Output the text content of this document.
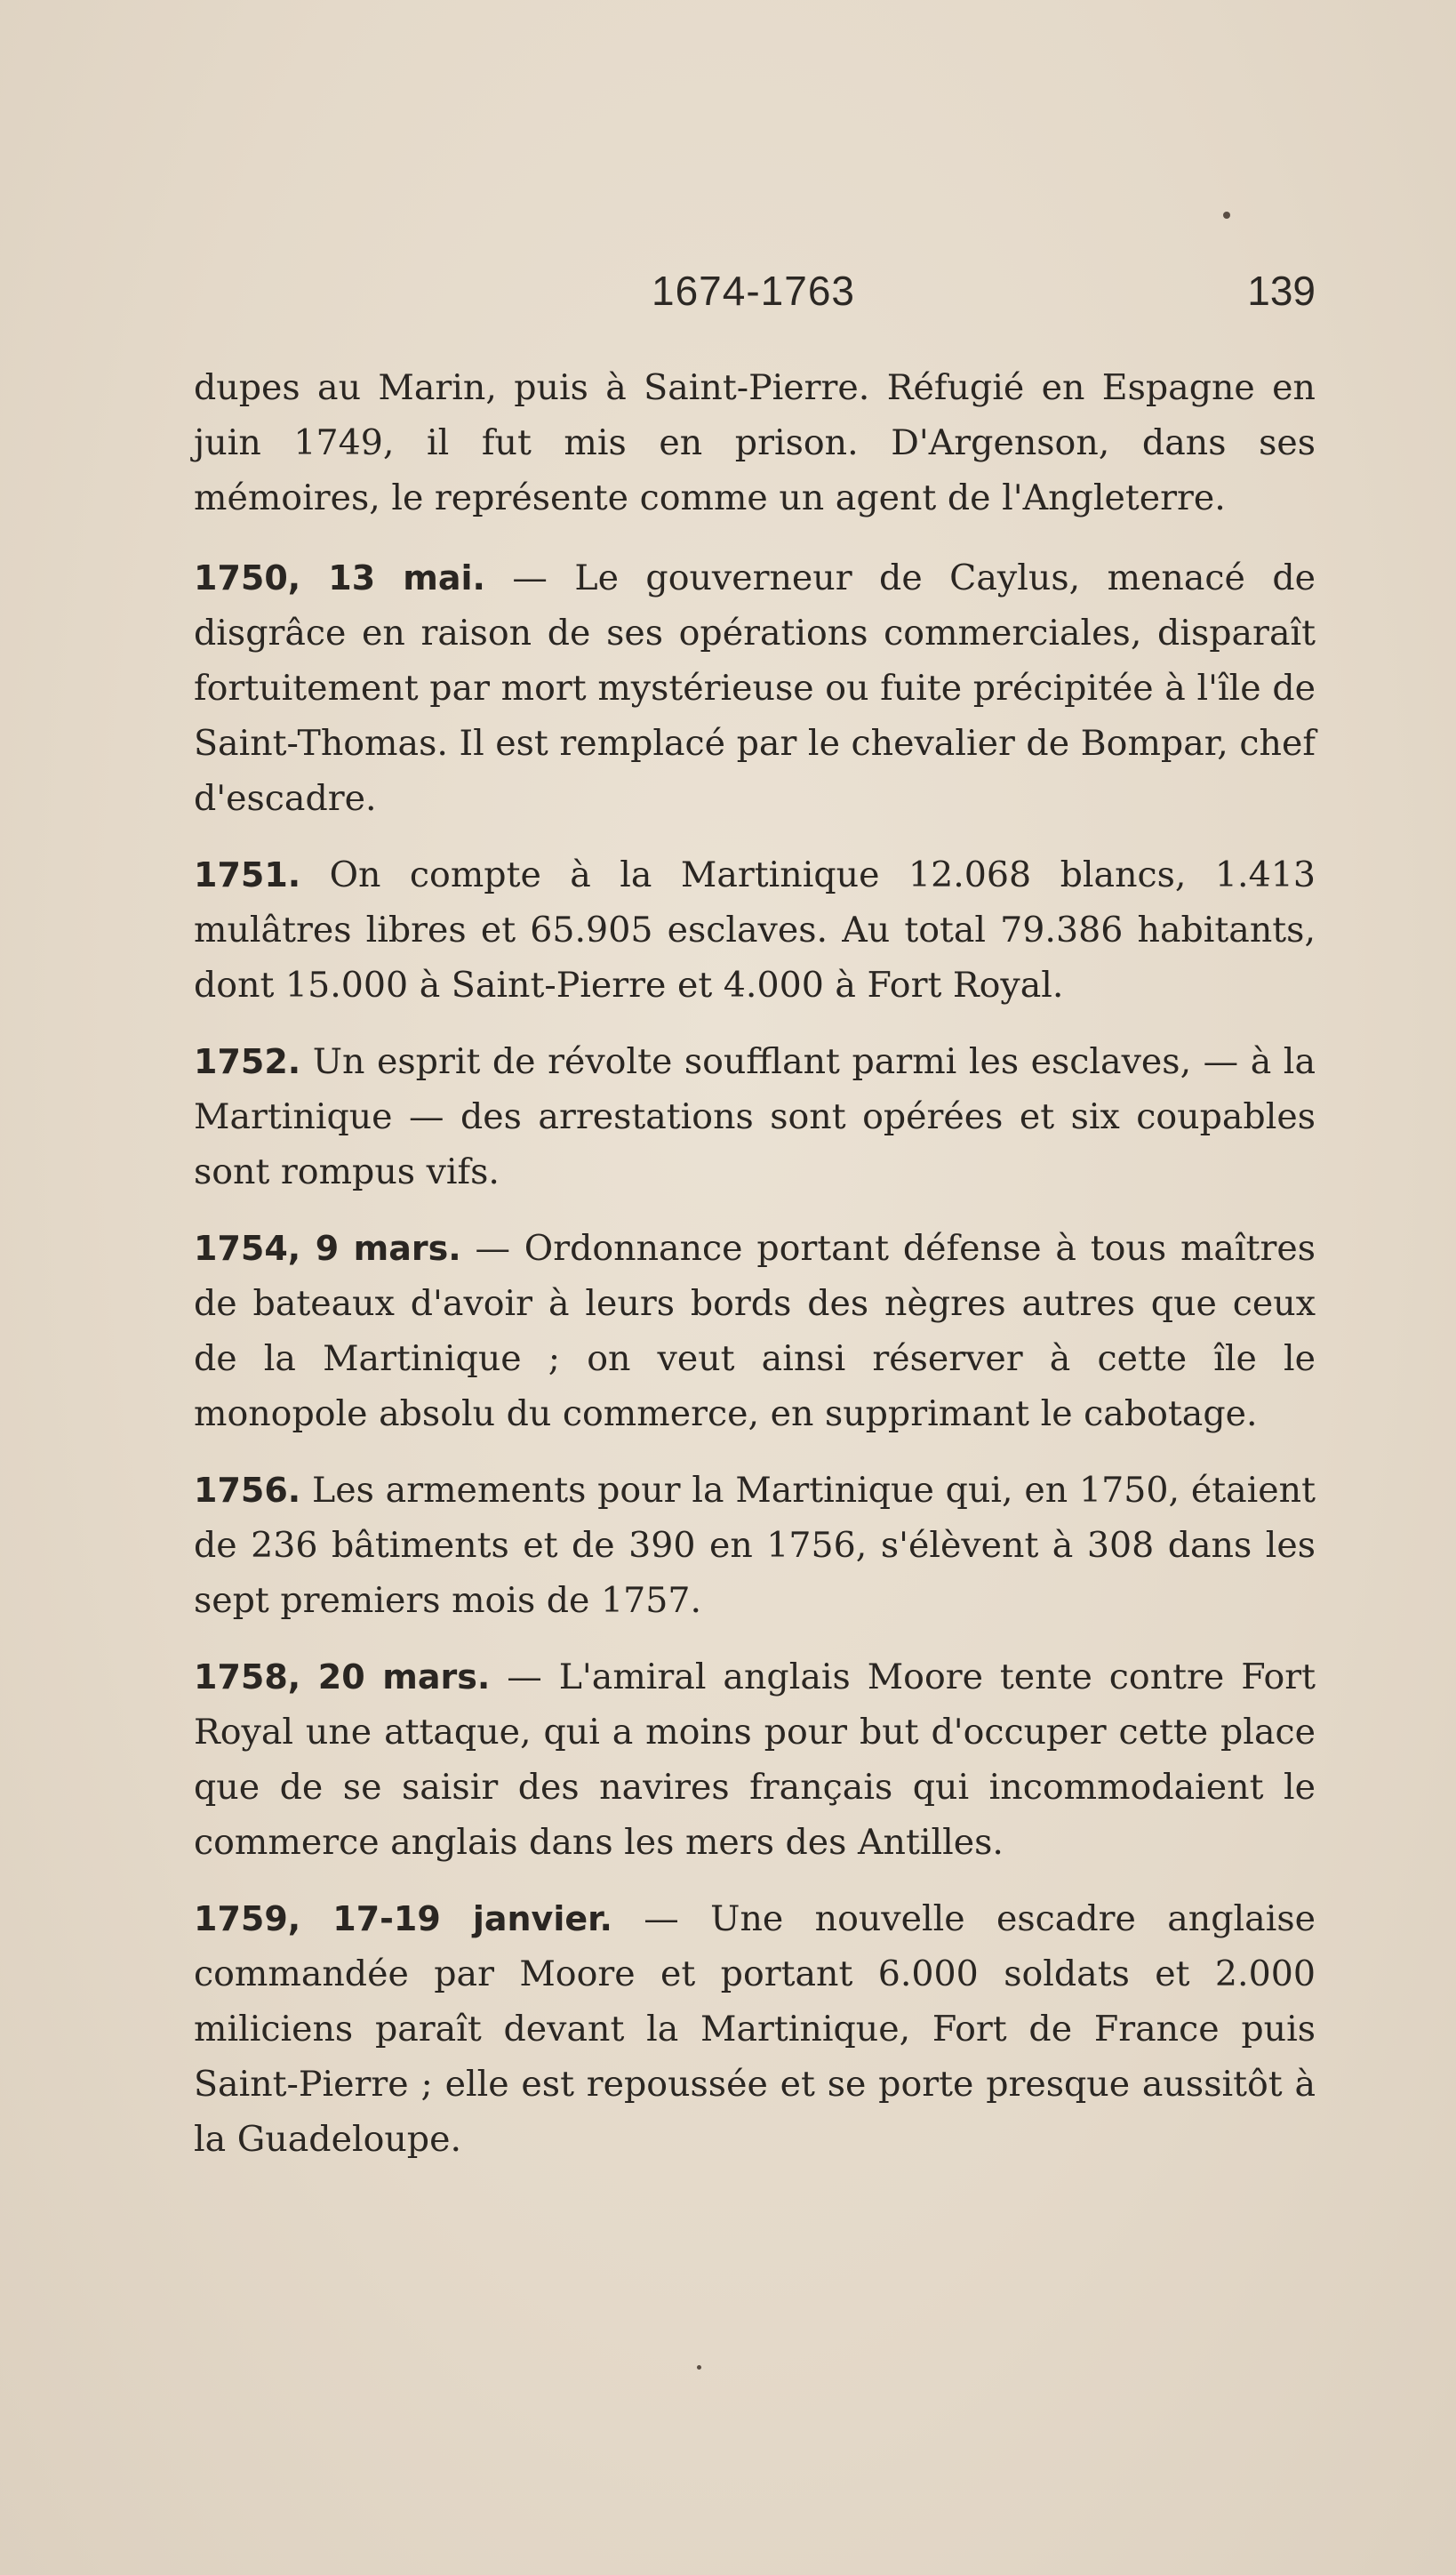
1674-1763	139

dupes au Marin, puis à Saint-Pierre. Réfugié en Espagne en juin 1749, il fut mis en prison. D'Argenson, dans ses mémoires, le représente comme un agent de l'Angleterre.

1750, 13 mai. — Le gouverneur de Caylus, menacé de disgrâce en raison de ses opérations commerciales, disparaît fortuitement par mort mystérieuse ou fuite précipitée à l'île de Saint-Thomas. Il est remplacé par le chevalier de Bompar, chef d'escadre.

1751. On compte à la Martinique 12.068 blancs, 1.413 mulâtres libres et 65.905 esclaves. Au total 79.386 habitants, dont 15.000 à Saint-Pierre et 4.000 à Fort Royal.

1752. Un esprit de révolte soufflant parmi les esclaves, — à la Martinique — des arrestations sont opérées et six coupables sont rompus vifs.

1754, 9 mars. — Ordonnance portant défense à tous maîtres de bateaux d'avoir à leurs bords des nègres autres que ceux de la Martinique ; on veut ainsi réserver à cette île le monopole absolu du commerce, en supprimant le cabotage.

1756. Les armements pour la Martinique qui, en 1750, étaient de 236 bâtiments et de 390 en 1756, s'élèvent à 308 dans les sept premiers mois de 1757.

1758, 20 mars. — L'amiral anglais Moore tente contre Fort Royal une attaque, qui a moins pour but d'occuper cette place que de se saisir des navires français qui incommodaient le commerce anglais dans les mers des Antilles.

1759, 17-19 janvier. — Une nouvelle escadre anglaise commandée par Moore et portant 6.000 soldats et 2.000 miliciens paraît devant la Martinique, Fort de France puis Saint-Pierre ; elle est repoussée et se porte presque aussitôt à la Guadeloupe.
